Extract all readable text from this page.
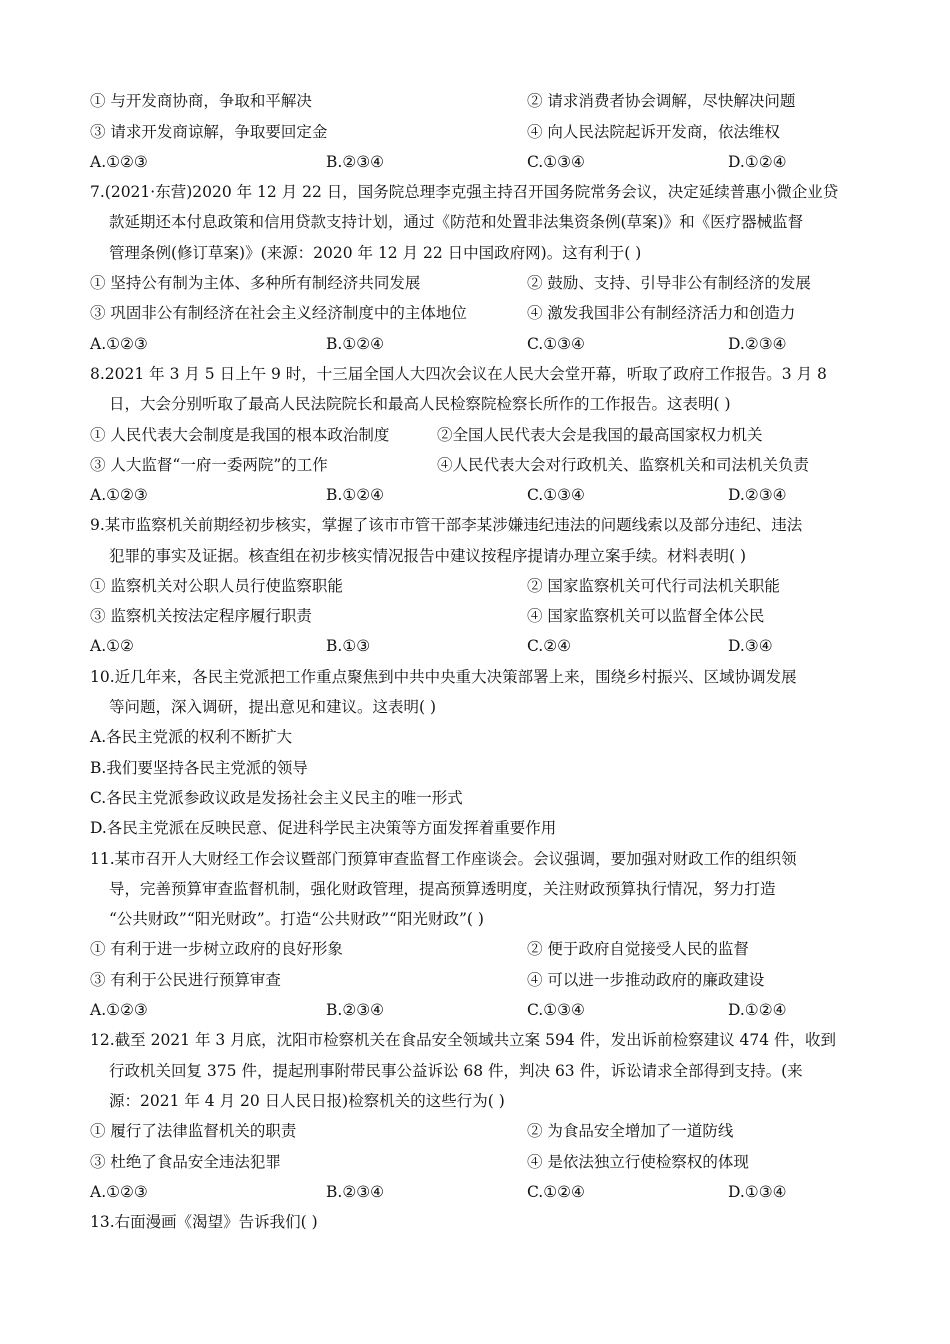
① 与开发商协商，争取和平解决	② 请求消费者协会调解，尽快解决问题
③ 请求开发商谅解，争取要回定金	④ 向人民法院起诉开发商，依法维权
A.①②③	B.②③④	C.①③④	D.①②④
7.(2021·东营)2020 年 12 月 22 日，国务院总理李克强主持召开国务院常务会议，决定延续普惠小微企业贷
款延期还本付息政策和信用贷款支持计划，通过《防范和处置非法集资条例(草案)》和《医疗器械监督
管理条例(修订草案)》(来源：2020 年 12 月 22 日中国政府网)。这有利于( )
① 坚持公有制为主体、多种所有制经济共同发展	② 鼓励、支持、引导非公有制经济的发展
③ 巩固非公有制经济在社会主义经济制度中的主体地位	④ 激发我国非公有制经济活力和创造力
A.①②③	B.①②④	C.①③④	D.②③④
8.2021 年 3 月 5 日上午 9 时，十三届全国人大四次会议在人民大会堂开幕，听取了政府工作报告。3 月 8
日，大会分别听取了最高人民法院院长和最高人民检察院检察长所作的工作报告。这表明( )
① 人民代表大会制度是我国的根本政治制度	②全国人民代表大会是我国的最高国家权力机关
③ 人大监督“一府一委两院”的工作	④人民代表大会对行政机关、监察机关和司法机关负责
A.①②③	B.①②④	C.①③④	D.②③④
9.某市监察机关前期经初步核实，掌握了该市市管干部李某涉嫌违纪违法的问题线索以及部分违纪、违法
犯罪的事实及证据。核查组在初步核实情况报告中建议按程序提请办理立案手续。材料表明( )
① 监察机关对公职人员行使监察职能	② 国家监察机关可代行司法机关职能
③ 监察机关按法定程序履行职责	④ 国家监察机关可以监督全体公民
A.①②	B.①③	C.②④	D.③④
10.近几年来，各民主党派把工作重点聚焦到中共中央重大决策部署上来，围绕乡村振兴、区域协调发展
等问题，深入调研，提出意见和建议。这表明( )
A.各民主党派的权利不断扩大
B.我们要坚持各民主党派的领导
C.各民主党派参政议政是发扬社会主义民主的唯一形式
D.各民主党派在反映民意、促进科学民主决策等方面发挥着重要作用
11.某市召开人大财经工作会议暨部门预算审查监督工作座谈会。会议强调，要加强对财政工作的组织领
导，完善预算审查监督机制，强化财政管理，提高预算透明度，关注财政预算执行情况，努力打造
“公共财政”“阳光财政”。打造“公共财政”“阳光财政”( )
① 有利于进一步树立政府的良好形象	② 便于政府自觉接受人民的监督
③ 有利于公民进行预算审查	④ 可以进一步推动政府的廉政建设
A.①②③	B.②③④	C.①③④	D.①②④
12.截至 2021 年 3 月底，沈阳市检察机关在食品安全领域共立案 594 件，发出诉前检察建议 474 件，收到
行政机关回复 375 件，提起刑事附带民事公益诉讼 68 件，判决 63 件，诉讼请求全部得到支持。(来
源：2021 年 4 月 20 日人民日报)检察机关的这些行为( )
① 履行了法律监督机关的职责	② 为食品安全增加了一道防线
③ 杜绝了食品安全违法犯罪	④ 是依法独立行使检察权的体现
A.①②③	B.②③④	C.①②④	D.①③④
13.右面漫画《渴望》告诉我们( )
